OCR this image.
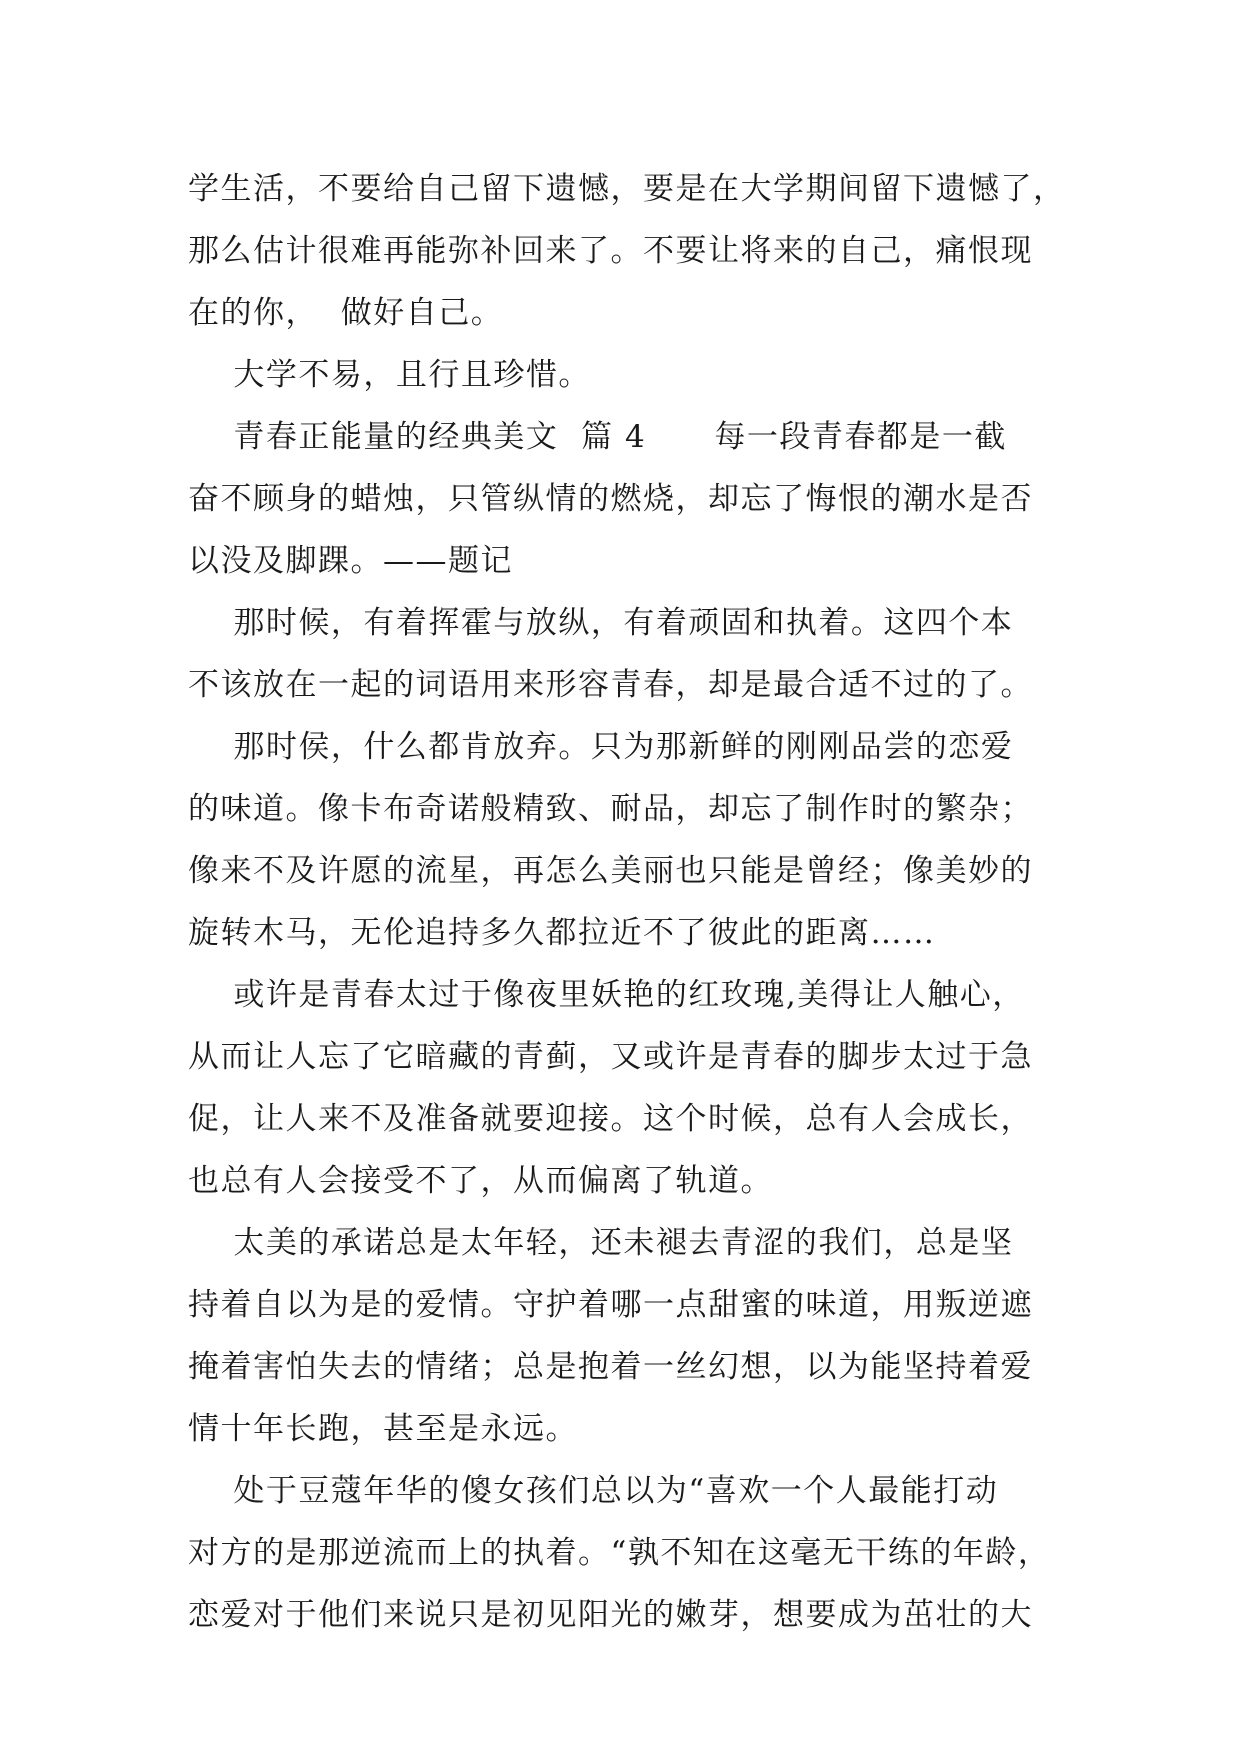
学生活，不要给自己留下遗憾，要是在大学期间留下遗憾了，
那么估计很难再能弥补回来了。不要让将来的自己，痛恨现
在的你，  做好自己。
大学不易，且行且珍惜。
青春正能量的经典美文  篇 4      每一段青春都是一截
奋不顾身的蜡烛，只管纵情的燃烧，却忘了悔恨的潮水是否
以没及脚踝。——题记
那时候，有着挥霍与放纵，有着顽固和执着。这四个本
不该放在一起的词语用来形容青春，却是最合适不过的了。
那时侯，什么都肯放弃。只为那新鲜的刚刚品尝的恋爱
的味道。像卡布奇诺般精致、耐品，却忘了制作时的繁杂；
像来不及许愿的流星，再怎么美丽也只能是曾经；像美妙的
旋转木马，无伦追持多久都拉近不了彼此的距离……
或许是青春太过于像夜里妖艳的红玫瑰,美得让人触心，
从而让人忘了它暗藏的青蓟，又或许是青春的脚步太过于急
促，让人来不及准备就要迎接。这个时候，总有人会成长，
也总有人会接受不了，从而偏离了轨道。
太美的承诺总是太年轻，还未褪去青涩的我们，总是坚
持着自以为是的爱情。守护着哪一点甜蜜的味道，用叛逆遮
掩着害怕失去的情绪；总是抱着一丝幻想，以为能坚持着爱
情十年长跑，甚至是永远。
处于豆蔻年华的傻女孩们总以为“喜欢一个人最能打动
对方的是那逆流而上的执着。“孰不知在这毫无干练的年龄，
恋爱对于他们来说只是初见阳光的嫩芽，想要成为茁壮的大
